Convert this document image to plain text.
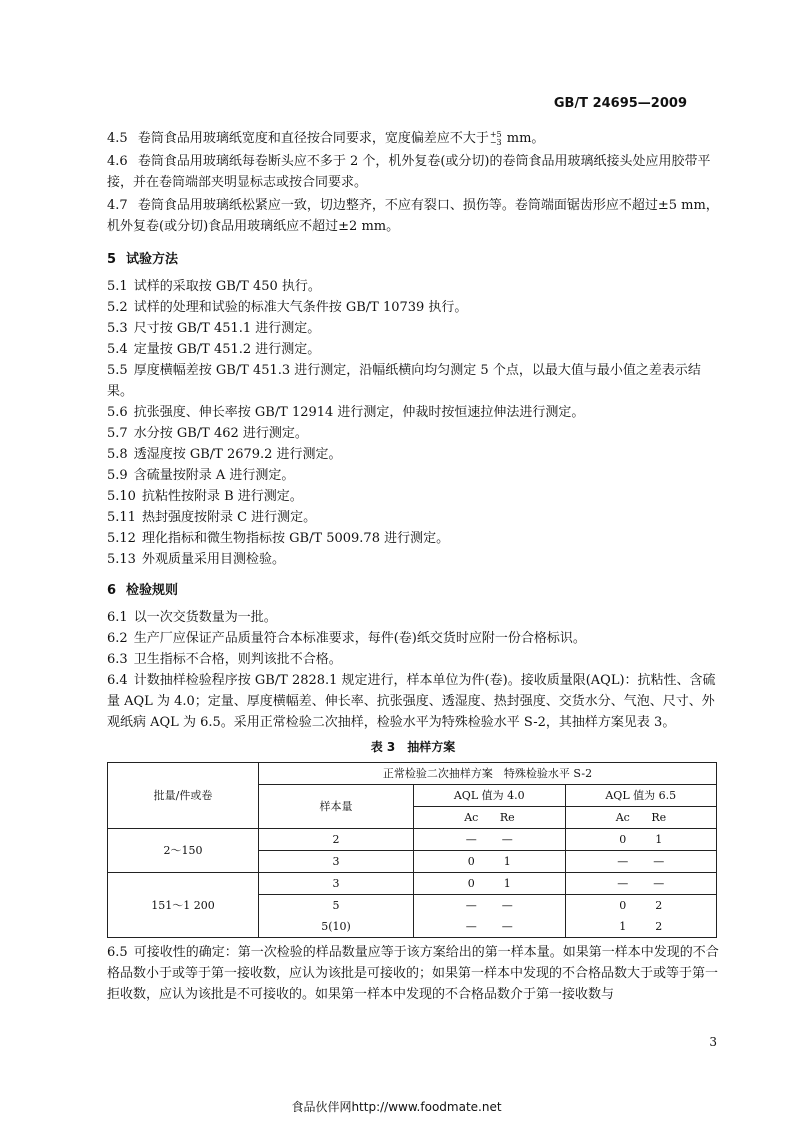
GB/T 24695—2009

4.5 卷筒食品用玻璃纸宽度和直径按合同要求，宽度偏差应不大于 +5
−3 mm。

4.6 卷筒食品用玻璃纸每卷断头应不多于 2 个，机外复卷(或分切)的卷筒食品用玻璃纸接头处应用胶带平接，并在卷筒端部夹明显标志或按合同要求。

4.7 卷筒食品用玻璃纸松紧应一致，切边整齐，不应有裂口、损伤等。卷筒端面锯齿形应不超过±5 mm，机外复卷(或分切)食品用玻璃纸应不超过±2 mm。

5 试验方法

5.1 试样的采取按 GB/T 450 执行。

5.2 试样的处理和试验的标准大气条件按 GB/T 10739 执行。

5.3 尺寸按 GB/T 451.1 进行测定。

5.4 定量按 GB/T 451.2 进行测定。

5.5 厚度横幅差按 GB/T 451.3 进行测定，沿幅纸横向均匀测定 5 个点，以最大值与最小值之差表示结果。

5.6 抗张强度、伸长率按 GB/T 12914 进行测定，仲裁时按恒速拉伸法进行测定。

5.7 水分按 GB/T 462 进行测定。

5.8 透湿度按 GB/T 2679.2 进行测定。

5.9 含硫量按附录 A 进行测定。

5.10 抗粘性按附录 B 进行测定。

5.11 热封强度按附录 C 进行测定。

5.12 理化指标和微生物指标按 GB/T 5009.78 进行测定。

5.13 外观质量采用目测检验。

6 检验规则

6.1 以一次交货数量为一批。

6.2 生产厂应保证产品质量符合本标准要求，每件(卷)纸交货时应附一份合格标识。

6.3 卫生指标不合格，则判该批不合格。

6.4 计数抽样检验程序按 GB/T 2828.1 规定进行，样本单位为件(卷)。接收质量限(AQL)：抗粘性、含硫量 AQL 为 4.0；定量、厚度横幅差、伸长率、抗张强度、透湿度、热封强度、交货水分、气泡、尺寸、外观纸病 AQL 为 6.5。采用正常检验二次抽样，检验水平为特殊检验水平 S-2，其抽样方案见表 3。

表 3　抽样方案
批量/件或卷	正常检验二次抽样方案　特殊检验水平 S-2		
	样本量	AQL 值为 4.0	AQL 值为 6.5

		Ac Re	Ac Re

2～150	2	— —	0 1

	3	0 1	— —

151～1 200	3	0 1	— —

	5	— —	0 2

	5(10)	— —	1 2

6.5 可接收性的确定：第一次检验的样品数量应等于该方案给出的第一样本量。如果第一样本中发现的不合格品数小于或等于第一接收数，应认为该批是可接收的；如果第一样本中发现的不合格品数大于或等于第一拒收数，应认为该批是不可接收的。如果第一样本中发现的不合格品数介于第一接收数与

3
食品伙伴网http://www.foodmate.net
